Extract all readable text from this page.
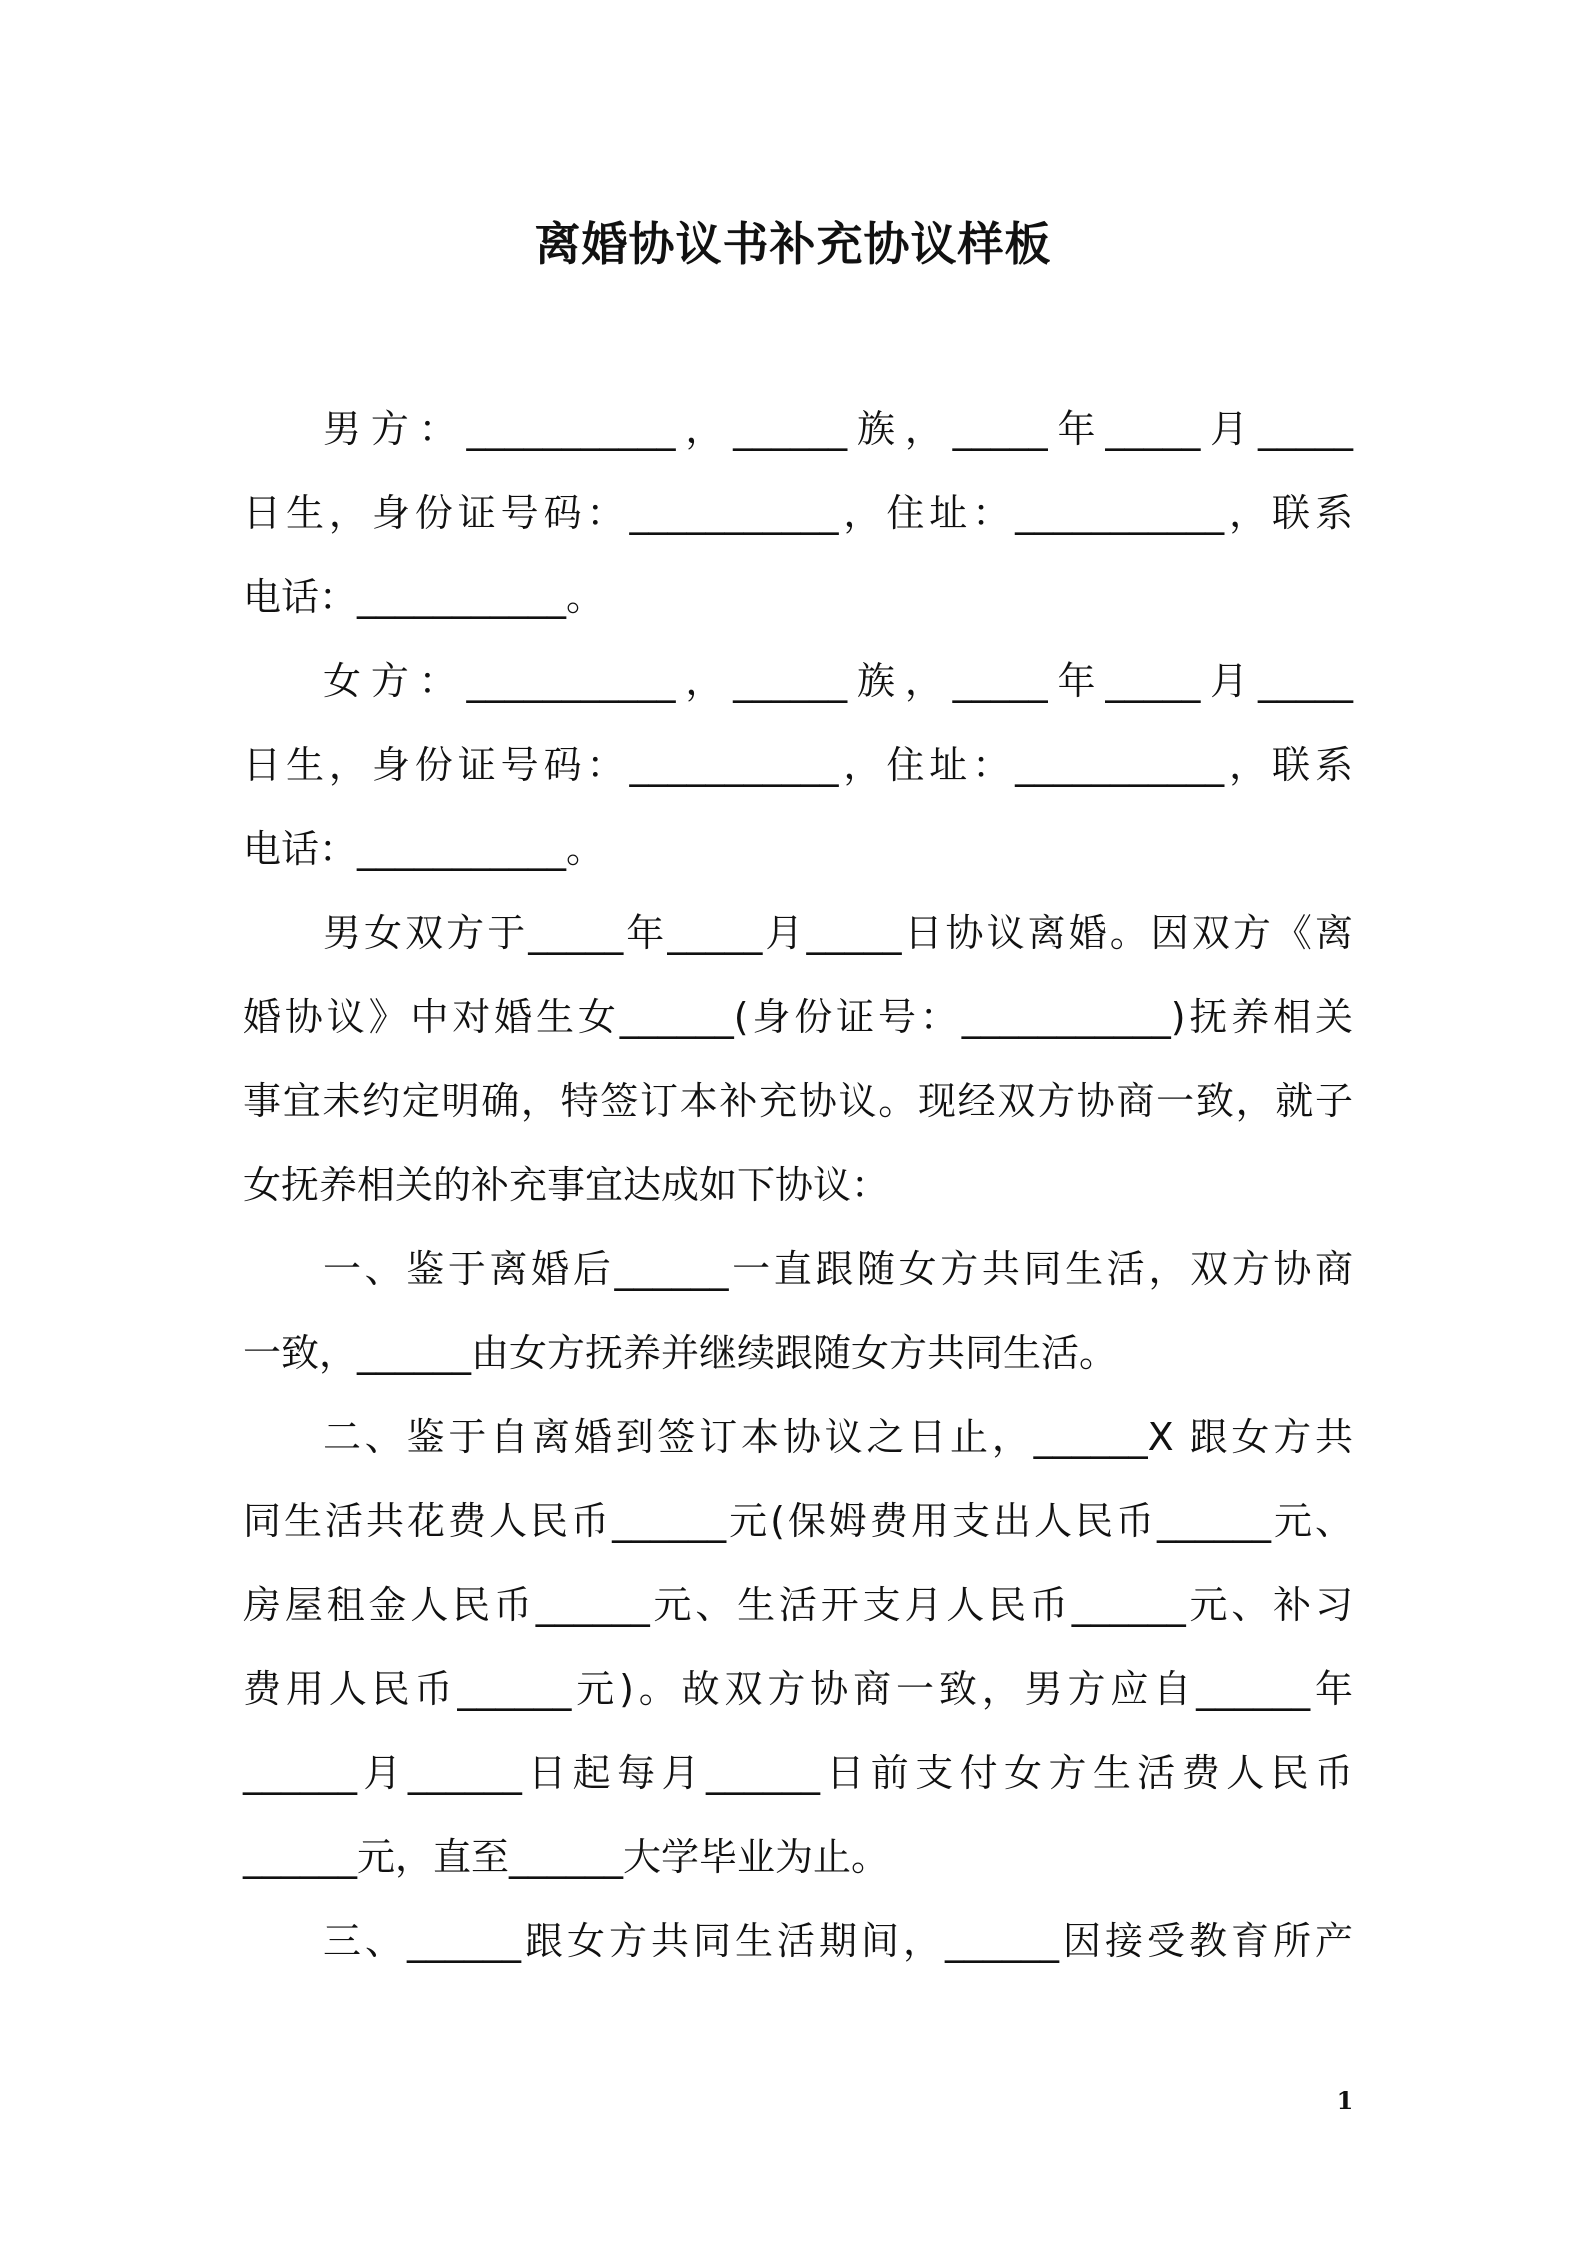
离婚协议书补充协议样板
男方：___________，______族，_____年_____月_____
日生，身份证号码：___________，住址：___________，联系
电话：___________。
女方：___________，______族，_____年_____月_____
日生，身份证号码：___________，住址：___________，联系
电话：___________。
男女双方于_____年_____月_____日协议离婚。因双方《离
婚协议》中对婚生女______(身份证号：___________)抚养相关
事宜未约定明确，特签订本补充协议。现经双方协商一致，就子
女抚养相关的补充事宜达成如下协议：
一、鉴于离婚后______一直跟随女方共同生活，双方协商
一致，______由女方抚养并继续跟随女方共同生活。
二、鉴于自离婚到签订本协议之日止，______X 跟女方共
同生活共花费人民币______元(保姆费用支出人民币______元、
房屋租金人民币______元、生活开支月人民币______元、补习
费用人民币______元)。故双方协商一致，男方应自______年
______月______日起每月______日前支付女方生活费人民币
______元，直至______大学毕业为止。
三、______跟女方共同生活期间，______因接受教育所产
1
